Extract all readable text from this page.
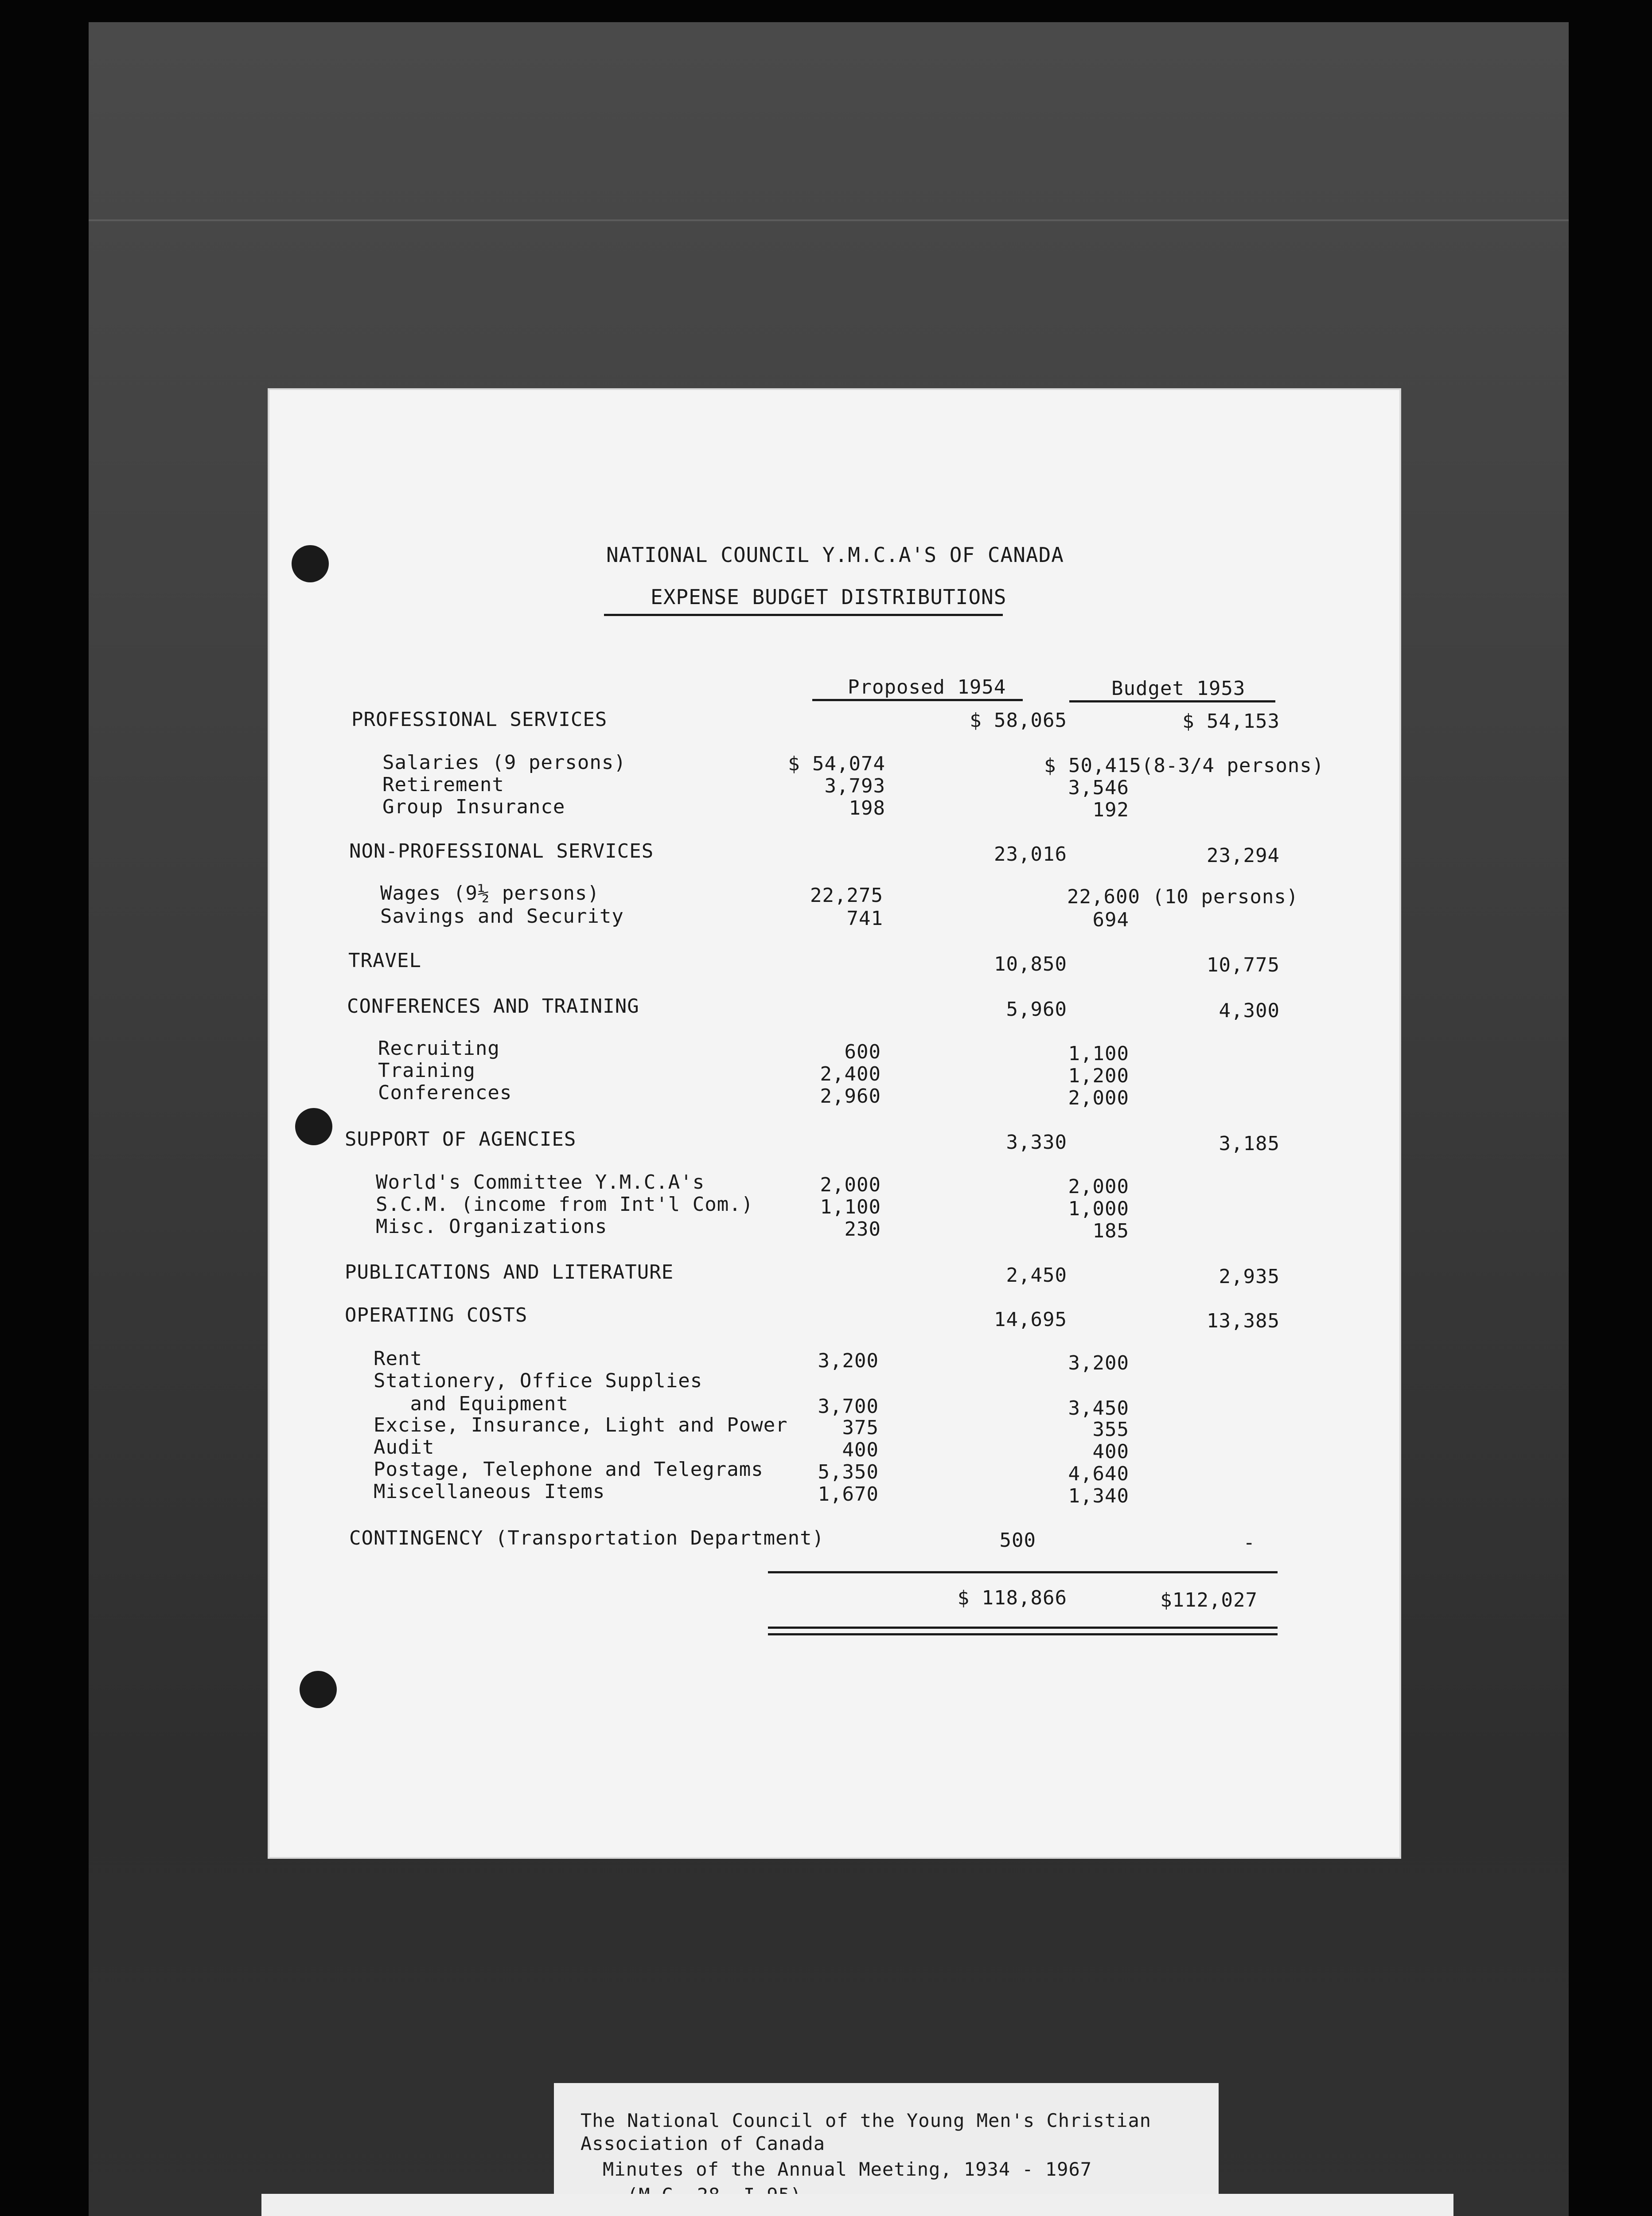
NATIONAL COUNCIL Y.M.C.A'S OF CANADA
EXPENSE BUDGET DISTRIBUTIONS
Proposed 1954	Budget 1953
PROFESSIONAL SERVICES	$ 58,065	$ 54,153
Salaries (9 persons)	$ 54,074	$ 50,415(8-3/4 persons)
Retirement	3,793	3,546
Group Insurance	198	192
NON-PROFESSIONAL SERVICES	23,016	23,294
Wages (9½ persons)	22,275	22,600 (10 persons)
Savings and Security	741	694
TRAVEL	10,850	10,775
CONFERENCES AND TRAINING	5,960	4,300
Recruiting	600	1,100
Training	2,400	1,200
Conferences	2,960	2,000
SUPPORT OF AGENCIES	3,330	3,185
World's Committee Y.M.C.A's	2,000	2,000
S.C.M. (income from Int'l Com.)	1,100	1,000
Misc. Organizations	230	185
PUBLICATIONS AND LITERATURE	2,450	2,935
OPERATING COSTS	14,695	13,385
Rent	3,200	3,200
Stationery, Office Supplies
and Equipment	3,700	3,450
Excise, Insurance, Light and Power	375	355
Audit	400	400
Postage, Telephone and Telegrams	5,350	4,640
Miscellaneous Items	1,670	1,340
CONTINGENCY (Transportation Department)	500	-
$ 118,866	$112,027
The National Council of the Young Men's Christian
Association of Canada
Minutes of the Annual Meeting, 1934 - 1967
